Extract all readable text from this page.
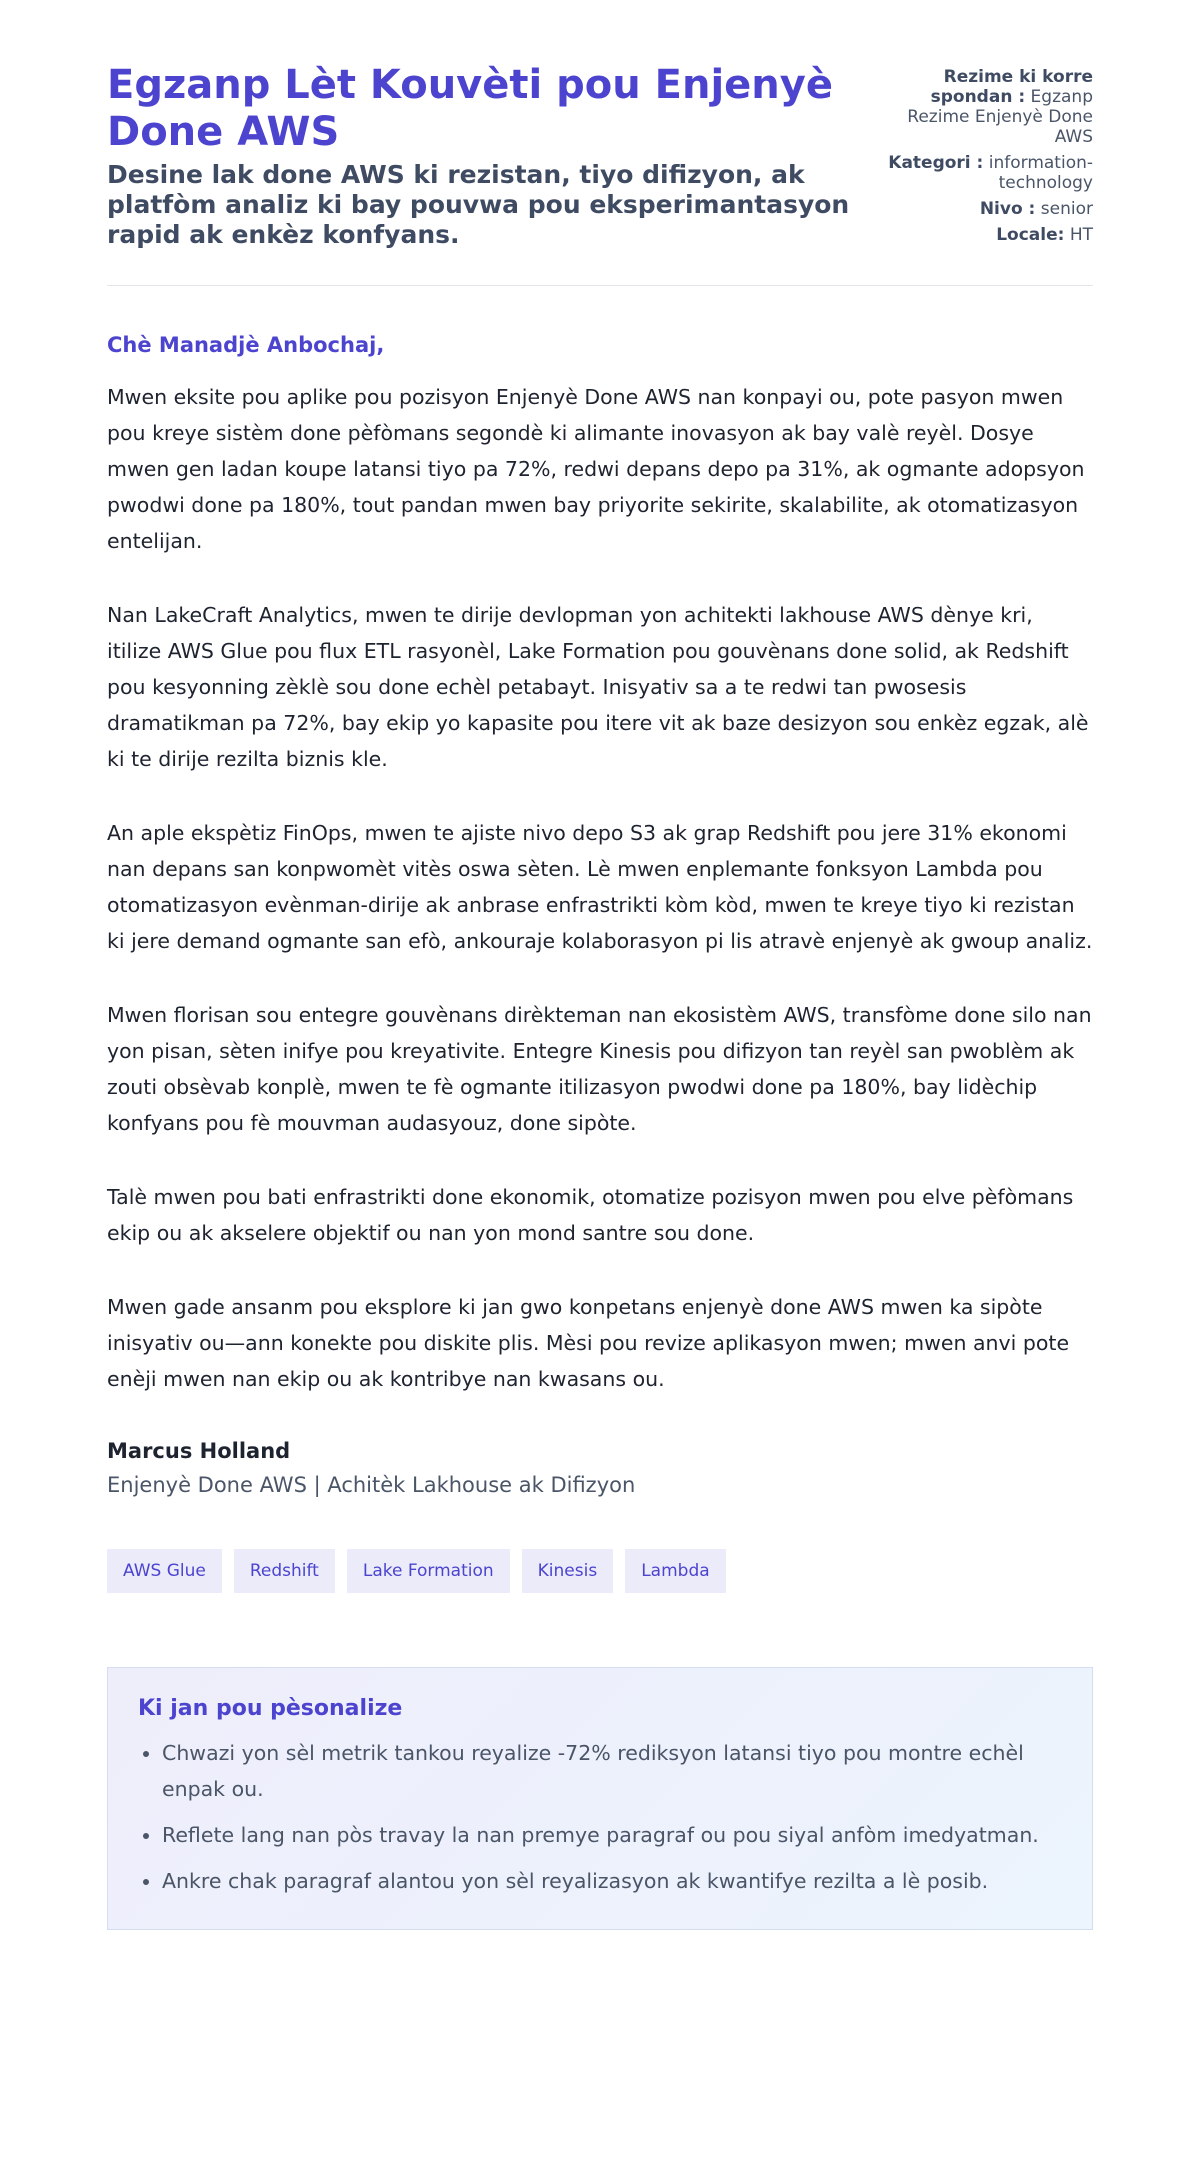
Egzanp Lèt Kouvèti pou Enjenyè Done AWS
Desine lak done AWS ki rezistan, tiyo difizyon, ak platfòm analiz ki bay pouvwa pou eksperimantasyon rapid ak enkèz konfyans.
Rezime ki korre spondan : Egzanp Rezime Enjenyè Done AWS
Kategori : information-technology
Nivo : senior
Locale: HT
Chè Manadjè Anbochaj,

Mwen eksite pou aplike pou pozisyon Enjenyè Done AWS nan konpayi ou, pote pasyon mwen pou kreye sistèm done pèfòmans segondè ki alimante inovasyon ak bay valè reyèl. Dosye mwen gen ladan koupe latansi tiyo pa 72%, redwi depans depo pa 31%, ak ogmante adopsyon pwodwi done pa 180%, tout pandan mwen bay priyorite sekirite, skalabilite, ak otomatizasyon entelijan.

Nan LakeCraft Analytics, mwen te dirije devlopman yon achitekti lakhouse AWS dènye kri, itilize AWS Glue pou flux ETL rasyonèl, Lake Formation pou gouvènans done solid, ak Redshift pou kesyonning zèklè sou done echèl petabayt. Inisyativ sa a te redwi tan pwosesis dramatikman pa 72%, bay ekip yo kapasite pou itere vit ak baze desizyon sou enkèz egzak, alè ki te dirije rezilta biznis kle.

An aple ekspètiz FinOps, mwen te ajiste nivo depo S3 ak grap Redshift pou jere 31% ekonomi nan depans san konpwomèt vitès oswa sèten. Lè mwen enplemante fonksyon Lambda pou otomatizasyon evènman-dirije ak anbrase enfrastrikti kòm kòd, mwen te kreye tiyo ki rezistan ki jere demand ogmante san efò, ankouraje kolaborasyon pi lis atravè enjenyè ak gwoup analiz.

Mwen florisan sou entegre gouvènans dirèkteman nan ekosistèm AWS, transfòme done silo nan yon pisan, sèten inifye pou kreyativite. Entegre Kinesis pou difizyon tan reyèl san pwoblèm ak zouti obsèvab konplè, mwen te fè ogmante itilizasyon pwodwi done pa 180%, bay lidèchip konfyans pou fè mouvman audasyouz, done sipòte.

Talè mwen pou bati enfrastrikti done ekonomik, otomatize pozisyon mwen pou elve pèfòmans ekip ou ak akselere objektif ou nan yon mond santre sou done.

Mwen gade ansanm pou eksplore ki jan gwo konpetans enjenyè done AWS mwen ka sipòte inisyativ ou—ann konekte pou diskite plis. Mèsi pou revize aplikasyon mwen; mwen anvi pote enèji mwen nan ekip ou ak kontribye nan kwasans ou.

Marcus Holland
Enjenyè Done AWS | Achitèk Lakhouse ak Difizyon
AWS Glue	Redshift	Lake Formation	Kinesis	Lambda
Ki jan pou pèsonalize
• Chwazi yon sèl metrik tankou reyalize -72% rediksyon latansi tiyo pou montre echèl enpak ou.
• Reflete lang nan pòs travay la nan premye paragraf ou pou siyal anfòm imedyatman.
• Ankre chak paragraf alantou yon sèl reyalizasyon ak kwantifye rezilta a lè posib.
